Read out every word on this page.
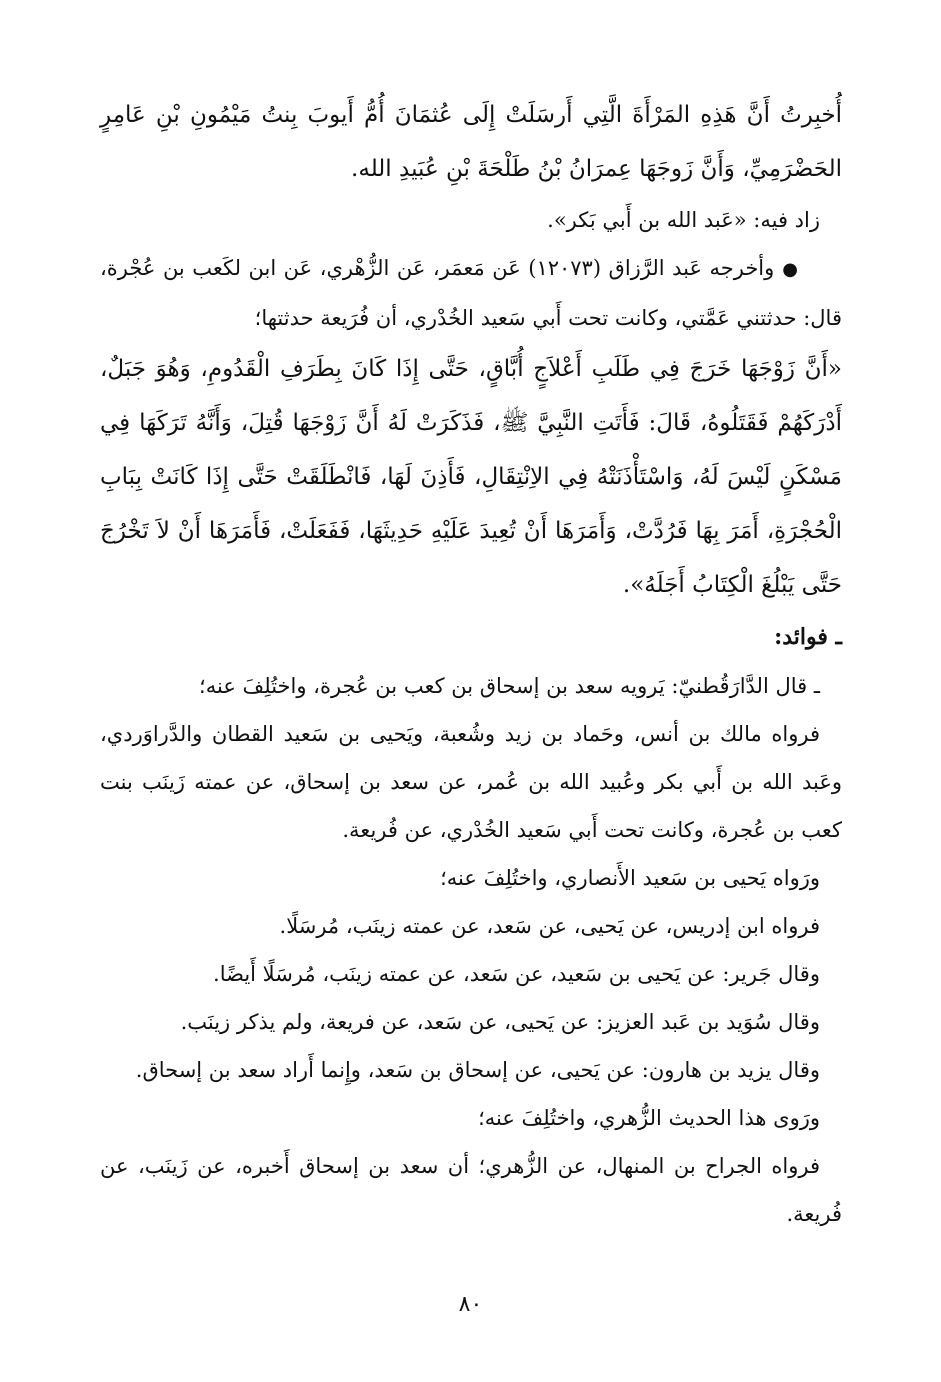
أُخبِرتُ أَنَّ هَذِهِ المَرْأَةَ الَّتِي أَرسَلَتْ إِلَى عُثمَانَ أُمُّ أَيوبَ بِنتُ مَيْمُونِ بْنِ عَامِرٍ الحَضْرَمِيِّ، وَأَنَّ زَوجَهَا عِمرَانُ بْنُ طَلْحَةَ بْنِ عُبَيدِ الله.

زاد فيه: «عَبد الله بن أَبي بَكر».

●وأخرجه عَبد الرَّزاق (١٢٠٧٣) عَن مَعمَر، عَن الزُّهْري، عَن ابن لكَعب بن عُجْرة، قال: حدثتني عَمَّتي، وكانت تحت أَبي سَعيد الخُدْري، أن فُرَيعة حدثتها؛

«أَنَّ زَوْجَهَا خَرَجَ فِي طَلَبِ أَعْلاَجٍ أُبَّاقٍ، حَتَّى إِذَا كَانَ بِطَرَفِ الْقَدُومِ، وَهُوَ جَبَلٌ، أَدْرَكَهُمْ فَقَتَلُوهُ، قَالَ: فَأَتَتِ النَّبِيَّ ﷺ، فَذَكَرَتْ لَهُ أَنَّ زَوْجَهَا قُتِلَ، وَأَنَّهُ تَرَكَهَا فِي مَسْكَنٍ لَيْسَ لَهُ، وَاسْتَأْذَنَتْهُ فِي الاِنْتِقَالِ، فَأَذِنَ لَهَا، فَانْطَلَقَتْ حَتَّى إِذَا كَانَتْ بِبَابِ الْحُجْرَةِ، أَمَرَ بِهَا فَرُدَّتْ، وَأَمَرَهَا أَنْ تُعِيدَ عَلَيْهِ حَدِيثَهَا، فَفَعَلَتْ، فَأَمَرَهَا أَنْ لاَ تَخْرُجَ حَتَّى يَبْلُغَ الْكِتَابُ أَجَلَهُ».

ـ فوائد:

ـ قال الدَّارَقُطنيّ: يَرويه سعد بن إسحاق بن كعب بن عُجرة، واختُلِفَ عنه؛

فرواه مالك بن أنس، وحَماد بن زيد وشُعبة، ويَحيى بن سَعيد القطان والدَّراوَردي، وعَبد الله بن أَبي بكر وعُبيد الله بن عُمر، عن سعد بن إسحاق، عن عمته زَينَب بنت كعب بن عُجرة، وكانت تحت أَبي سَعيد الخُدْري، عن فُريعة.

ورَواه يَحيى بن سَعيد الأَنصاري، واختُلِفَ عنه؛

فرواه ابن إدريس، عن يَحيى، عن سَعد، عن عمته زينَب، مُرسَلًا.

وقال جَرير: عن يَحيى بن سَعيد، عن سَعد، عن عمته زينَب، مُرسَلًا أَيضًا.

وقال سُوَيد بن عَبد العزيز: عن يَحيى، عن سَعد، عن فريعة، ولم يذكر زينَب.

وقال يزيد بن هارون: عن يَحيى، عن إسحاق بن سَعد، وإِنما أَراد سعد بن إسحاق.

ورَوى هذا الحديث الزُّهري، واختُلِفَ عنه؛

فرواه الجراح بن المنهال، عن الزُّهري؛ أن سعد بن إسحاق أَخبره، عن زَينَب، عن فُريعة.

٨٠
